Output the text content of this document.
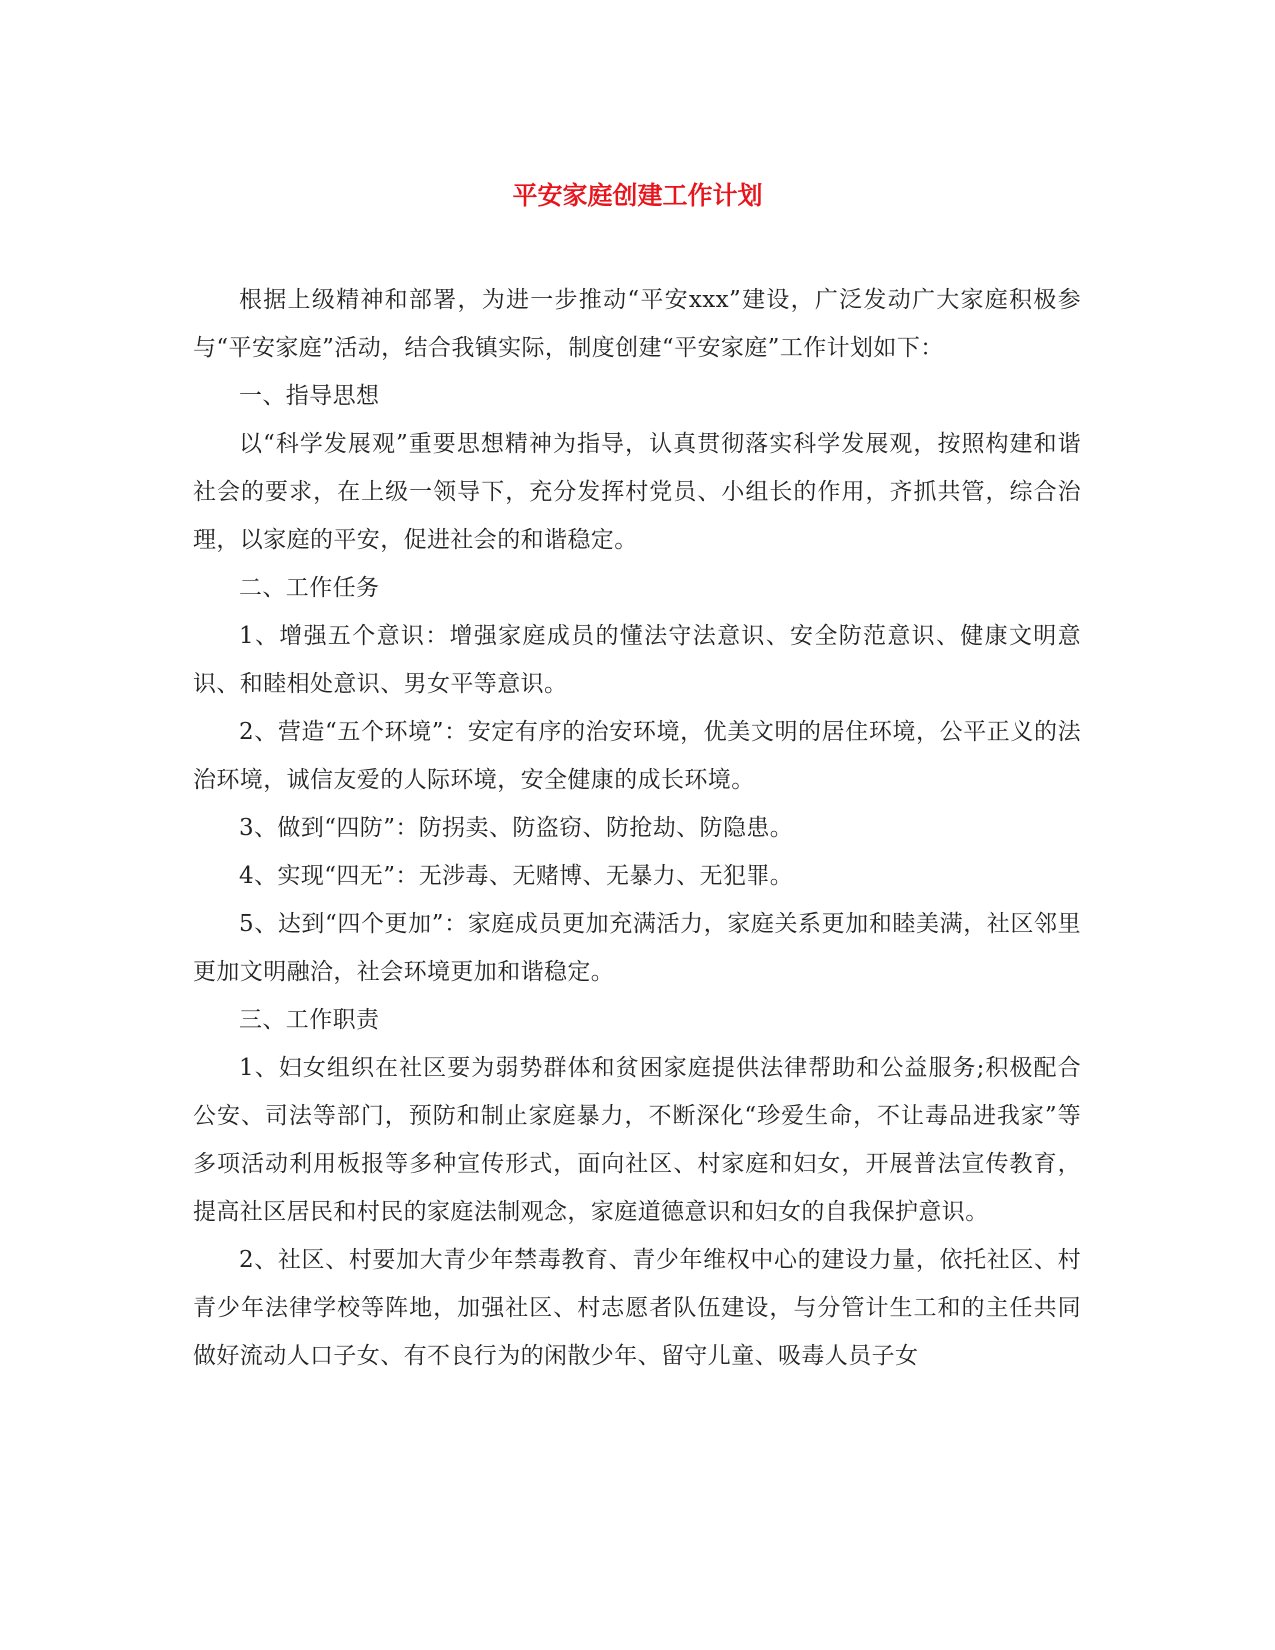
平安家庭创建工作计划

根据上级精神和部署，为进一步推动“平安xxx”建设，广泛发动广大家庭积极参与“平安家庭”活动，结合我镇实际，制度创建“平安家庭”工作计划如下：

一、指导思想

以“科学发展观”重要思想精神为指导，认真贯彻落实科学发展观，按照构建和谐社会的要求，在上级一领导下，充分发挥村党员、小组长的作用，齐抓共管，综合治理，以家庭的平安，促进社会的和谐稳定。

二、工作任务

1、增强五个意识：增强家庭成员的懂法守法意识、安全防范意识、健康文明意识、和睦相处意识、男女平等意识。

2、营造“五个环境”：安定有序的治安环境，优美文明的居住环境，公平正义的法治环境，诚信友爱的人际环境，安全健康的成长环境。

3、做到“四防”：防拐卖、防盗窃、防抢劫、防隐患。

4、实现“四无”：无涉毒、无赌博、无暴力、无犯罪。

5、达到“四个更加”：家庭成员更加充满活力，家庭关系更加和睦美满，社区邻里更加文明融洽，社会环境更加和谐稳定。

三、工作职责

1、妇女组织在社区要为弱势群体和贫困家庭提供法律帮助和公益服务;积极配合公安、司法等部门，预防和制止家庭暴力，不断深化“珍爱生命，不让毒品进我家”等多项活动利用板报等多种宣传形式，面向社区、村家庭和妇女，开展普法宣传教育，提高社区居民和村民的家庭法制观念，家庭道德意识和妇女的自我保护意识。

2、社区、村要加大青少年禁毒教育、青少年维权中心的建设力量，依托社区、村青少年法律学校等阵地，加强社区、村志愿者队伍建设，与分管计生工和的主任共同做好流动人口子女、有不良行为的闲散少年、留守儿童、吸毒人员子女
